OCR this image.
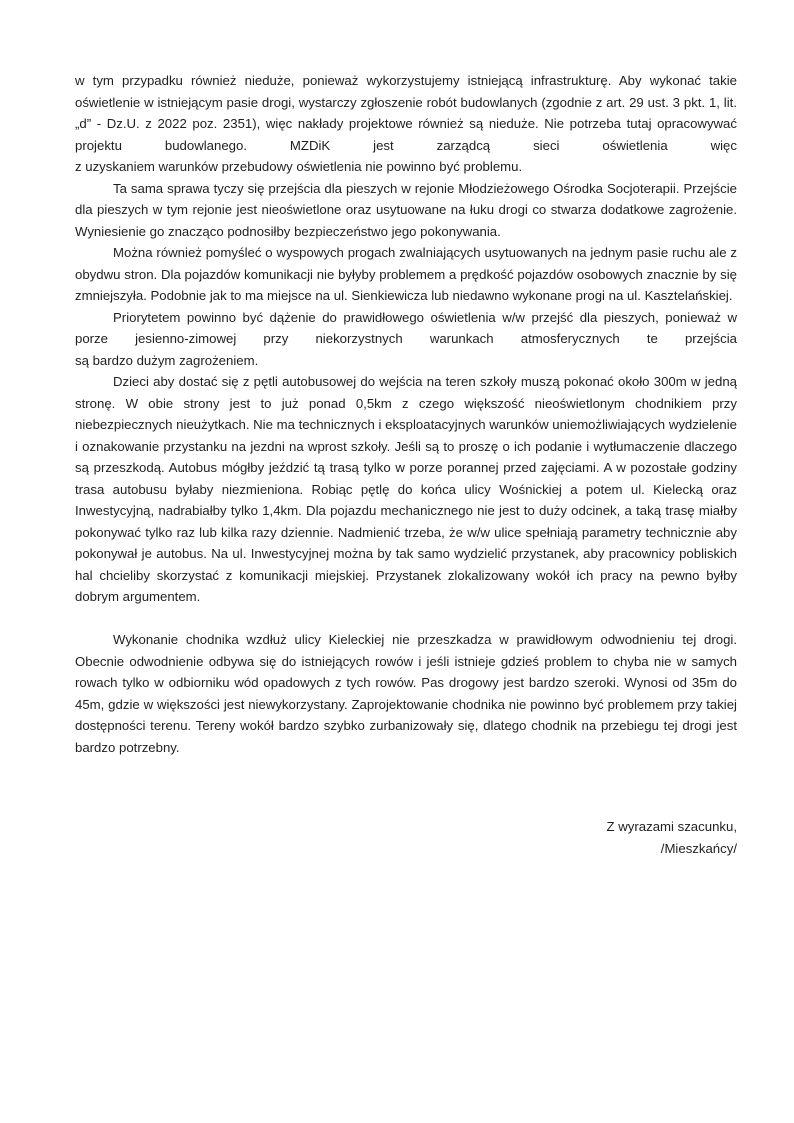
w tym przypadku również nieduże, ponieważ wykorzystujemy istniejącą infrastrukturę. Aby wykonać takie oświetlenie w istniejącym pasie drogi, wystarczy zgłoszenie robót budowlanych (zgodnie z art. 29 ust. 3 pkt. 1, lit. „d” - Dz.U. z 2022 poz. 2351), więc nakłady projektowe również są nieduże. Nie potrzeba tutaj opracowywać projektu budowlanego. MZDiK jest zarządcą sieci oświetlenia więc

z uzyskaniem warunków przebudowy oświetlenia nie powinno być problemu.

Ta sama sprawa tyczy się przejścia dla pieszych w rejonie Młodzieżowego Ośrodka Socjoterapii. Przejście dla pieszych w tym rejonie jest nieoświetlone oraz usytuowane na łuku drogi co stwarza dodatkowe zagrożenie. Wyniesienie go znacząco podnosiłby bezpieczeństwo jego pokonywania.

Można również pomyśleć o wyspowych progach zwalniających usytuowanych na jednym pasie ruchu ale z obydwu stron. Dla pojazdów komunikacji nie byłyby problemem a prędkość pojazdów osobowych znacznie by się zmniejszyła. Podobnie jak to ma miejsce na ul. Sienkiewicza lub niedawno wykonane progi na ul. Kasztelańskiej.

Priorytetem powinno być dążenie do prawidłowego oświetlenia w/w przejść dla pieszych, ponieważ w porze jesienno-zimowej przy niekorzystnych warunkach atmosferycznych te przejścia

są bardzo dużym zagrożeniem.

Dzieci aby dostać się z pętli autobusowej do wejścia na teren szkoły muszą pokonać około 300m w jedną stronę. W obie strony jest to już ponad 0,5km z czego większość nieoświetlonym chodnikiem przy niebezpiecznych nieużytkach. Nie ma technicznych i eksploatacyjnych warunków uniemożliwiających wydzielenie i oznakowanie przystanku na jezdni na wprost szkoły. Jeśli są to proszę o ich podanie i wytłumaczenie dlaczego są przeszkodą. Autobus mógłby jeździć tą trasą tylko w porze porannej przed zajęciami. A w pozostałe godziny trasa autobusu byłaby niezmieniona. Robiąc pętlę do końca ulicy Wośnickiej a potem ul. Kielecką oraz Inwestycyjną, nadrabiałby tylko 1,4km. Dla pojazdu mechanicznego nie jest to duży odcinek, a taką trasę miałby pokonywać tylko raz lub kilka razy dziennie. Nadmienić trzeba, że w/w ulice spełniają parametry technicznie aby pokonywał je autobus. Na ul. Inwestycyjnej można by tak samo wydzielić przystanek, aby pracownicy pobliskich hal chcieliby skorzystać z komunikacji miejskiej. Przystanek zlokalizowany wokół ich pracy na pewno byłby dobrym argumentem.

Wykonanie chodnika wzdłuż ulicy Kieleckiej nie przeszkadza w prawidłowym odwodnieniu tej drogi. Obecnie odwodnienie odbywa się do istniejących rowów i jeśli istnieje gdzieś problem to chyba nie w samych rowach tylko w odbiorniku wód opadowych z tych rowów. Pas drogowy jest bardzo szeroki. Wynosi od 35m do 45m, gdzie w większości jest niewykorzystany. Zaprojektowanie chodnika nie powinno być problemem przy takiej dostępności terenu. Tereny wokół bardzo szybko zurbanizowały się, dlatego chodnik na przebiegu tej drogi jest bardzo potrzebny.

Z wyrazami szacunku,

/Mieszkańcy/
